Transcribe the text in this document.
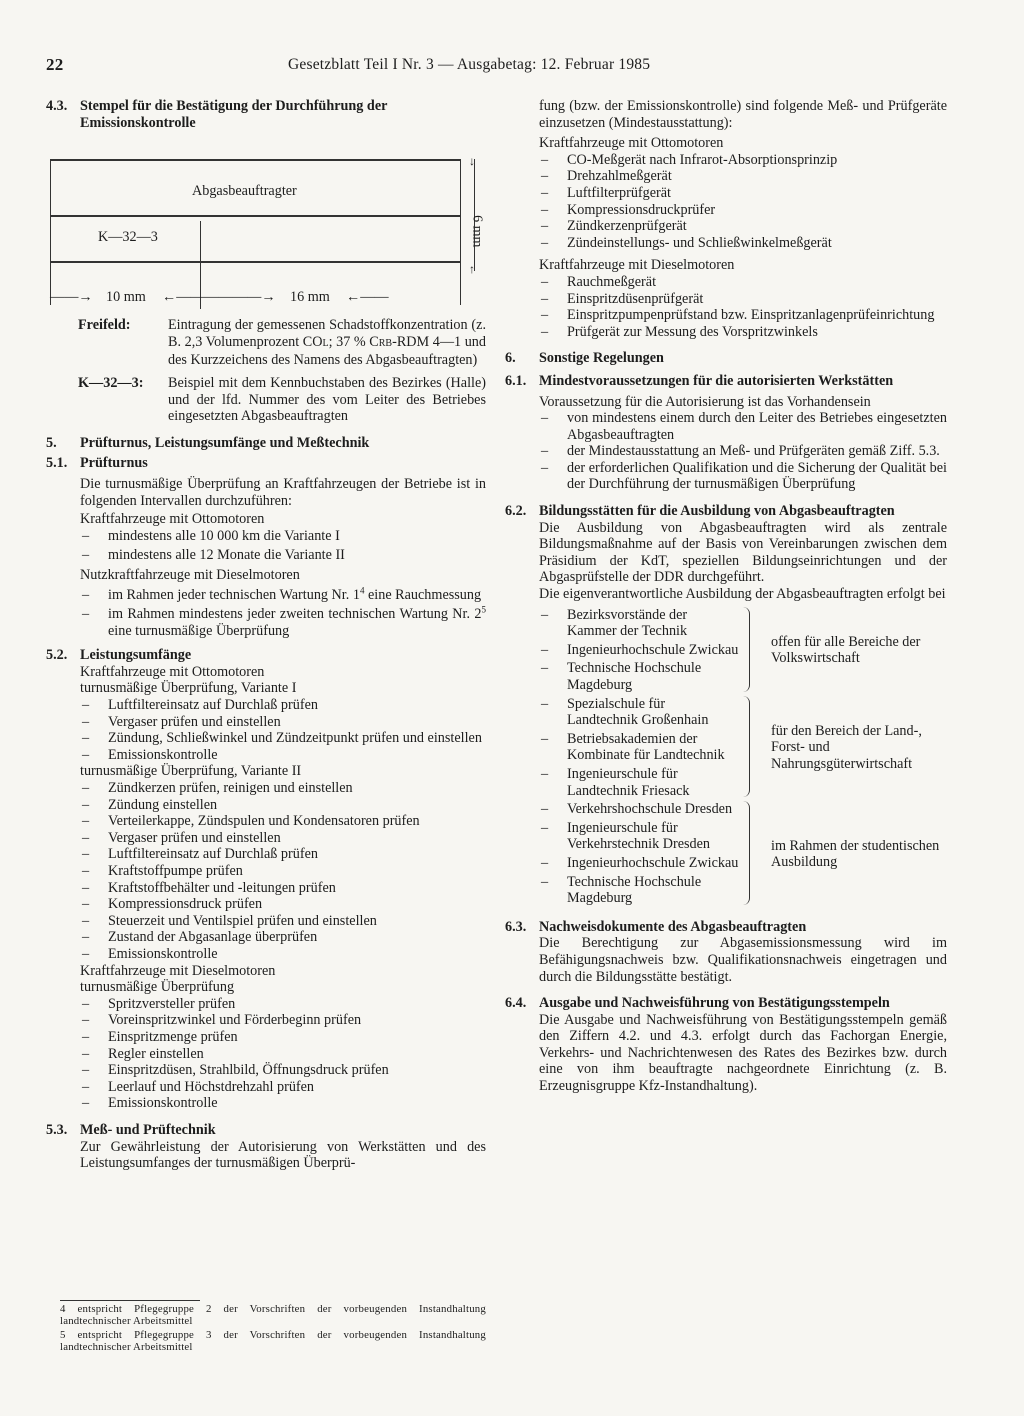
22	Gesetzblatt Teil I Nr. 3 — Ausgabetag: 12. Februar 1985
4.3. Stempel für die Bestätigung der Durchführung der Emissionskontrolle
Abgasbeauftragter
K—32—3	6 mm
↓
↑
——→ 10 mm ←——————→ 16 mm ←——
Freifeld:	Eintragung der gemessenen Schadstoffkonzentration (z. B. 2,3 Volumenprozent COL; 37 % CRB-RDM 4—1 und des Kurzzeichens des Namens des Abgasbeauftragten)
K—32—3: Beispiel mit dem Kennbuchstaben des Bezirkes (Halle) und der lfd. Nummer des vom Leiter des Betriebes eingesetzten Abgasbeauftragten
5. Prüfturnus, Leistungsumfänge und Meßtechnik
5.1. Prüfturnus
Die turnusmäßige Überprüfung an Kraftfahrzeugen der Betriebe ist in folgenden Intervallen durchzuführen:
Kraftfahrzeuge mit Ottomotoren
– mindestens alle 10 000 km die Variante I
– mindestens alle 12 Monate die Variante II
Nutzkraftfahrzeuge mit Dieselmotoren
– im Rahmen jeder technischen Wartung Nr. $1^4$ eine Rauchmessung
– im Rahmen mindestens jeder zweiten technischen Wartung Nr. $2^5$ eine turnusmäßige Überprüfung
5.2. Leistungsumfänge
Kraftfahrzeuge mit Ottomotoren
turnusmäßige Überprüfung, Variante I
– Luftfiltereinsatz auf Durchlaß prüfen
– Vergaser prüfen und einstellen
– Zündung, Schließwinkel und Zündzeitpunkt prüfen und einstellen
– Emissionskontrolle
turnusmäßige Überprüfung, Variante II
– Zündkerzen prüfen, reinigen und einstellen
– Zündung einstellen
– Verteilerkappe, Zündspulen und Kondensatoren prüfen
– Vergaser prüfen und einstellen
– Luftfiltereinsatz auf Durchlaß prüfen
– Kraftstoffpumpe prüfen
– Kraftstoffbehälter und -leitungen prüfen
– Kompressionsdruck prüfen
– Steuerzeit und Ventilspiel prüfen und einstellen
– Zustand der Abgasanlage überprüfen
– Emissionskontrolle
Kraftfahrzeuge mit Dieselmotoren
turnusmäßige Überprüfung
– Spritzversteller prüfen
– Voreinspritzwinkel und Förderbeginn prüfen
– Einspritzmenge prüfen
– Regler einstellen
– Einspritzdüsen, Strahlbild, Öffnungsdruck prüfen
– Leerlauf und Höchstdrehzahl prüfen
– Emissionskontrolle
5.3. Meß- und Prüftechnik
Zur Gewährleistung der Autorisierung von Werkstätten und des Leistungsumfanges der turnusmäßigen Überprü-
4 entspricht Pflegegruppe 2 der Vorschriften der vorbeugenden Instandhaltung landtechnischer Arbeitsmittel
5 entspricht Pflegegruppe 3 der Vorschriften der vorbeugenden Instandhaltung landtechnischer Arbeitsmittel
fung (bzw. der Emissionskontrolle) sind folgende Meß- und Prüfgeräte einzusetzen (Mindestausstattung):
Kraftfahrzeuge mit Ottomotoren
– CO-Meßgerät nach Infrarot-Absorptionsprinzip
– Drehzahlmeßgerät
– Luftfilterprüfgerät
– Kompressionsdruckprüfer
– Zündkerzenprüfgerät
– Zündeinstellungs- und Schließwinkelmeßgerät
Kraftfahrzeuge mit Dieselmotoren
– Rauchmeßgerät
– Einspritzdüsenprüfgerät
– Einspritzpumpenprüfstand bzw. Einspritzanlagenprüfeinrichtung
– Prüfgerät zur Messung des Vorspritzwinkels
6. Sonstige Regelungen
6.1. Mindestvoraussetzungen für die autorisierten Werkstätten
Voraussetzung für die Autorisierung ist das Vorhandensein
– von mindestens einem durch den Leiter des Betriebes eingesetzten Abgasbeauftragten
– der Mindestausstattung an Meß- und Prüfgeräten gemäß Ziff. 5.3.
– der erforderlichen Qualifikation und die Sicherung der Qualität bei der Durchführung der turnusmäßigen Überprüfung
6.2. Bildungsstätten für die Ausbildung von Abgasbeauftragten
Die Ausbildung von Abgasbeauftragten wird als zentrale Bildungsmaßnahme auf der Basis von Vereinbarungen zwischen dem Präsidium der KdT, speziellen Bildungseinrichtungen und der Abgasprüfstelle der DDR durchgeführt.
Die eigenverantwortliche Ausbildung der Abgasbeauftragten erfolgt bei
– Bezirksvorstände der Kammer der Technik
– Ingenieurhochschule Zwickau
– Technische Hochschule Magdeburg
offen für alle Bereiche der Volkswirtschaft
– Spezialschule für Landtechnik Großenhain
– Betriebsakademien der Kombinate für Landtechnik
– Ingenieurschule für Landtechnik Friesack
für den Bereich der Land-, Forst- und Nahrungsgüterwirtschaft
– Verkehrshochschule Dresden
– Ingenieurschule für Verkehrstechnik Dresden
– Ingenieurhochschule Zwickau
– Technische Hochschule Magdeburg
im Rahmen der studentischen Ausbildung
6.3. Nachweisdokumente des Abgasbeauftragten
Die Berechtigung zur Abgasemissionsmessung wird im Befähigungsnachweis bzw. Qualifikationsnachweis eingetragen und durch die Bildungsstätte bestätigt.
6.4. Ausgabe und Nachweisführung von Bestätigungsstempeln
Die Ausgabe und Nachweisführung von Bestätigungsstempeln gemäß den Ziffern 4.2. und 4.3. erfolgt durch das Fachorgan Energie, Verkehrs- und Nachrichtenwesen des Rates des Bezirkes bzw. durch eine von ihm beauftragte nachgeordnete Einrichtung (z. B. Erzeugnisgruppe Kfz-Instandhaltung).
